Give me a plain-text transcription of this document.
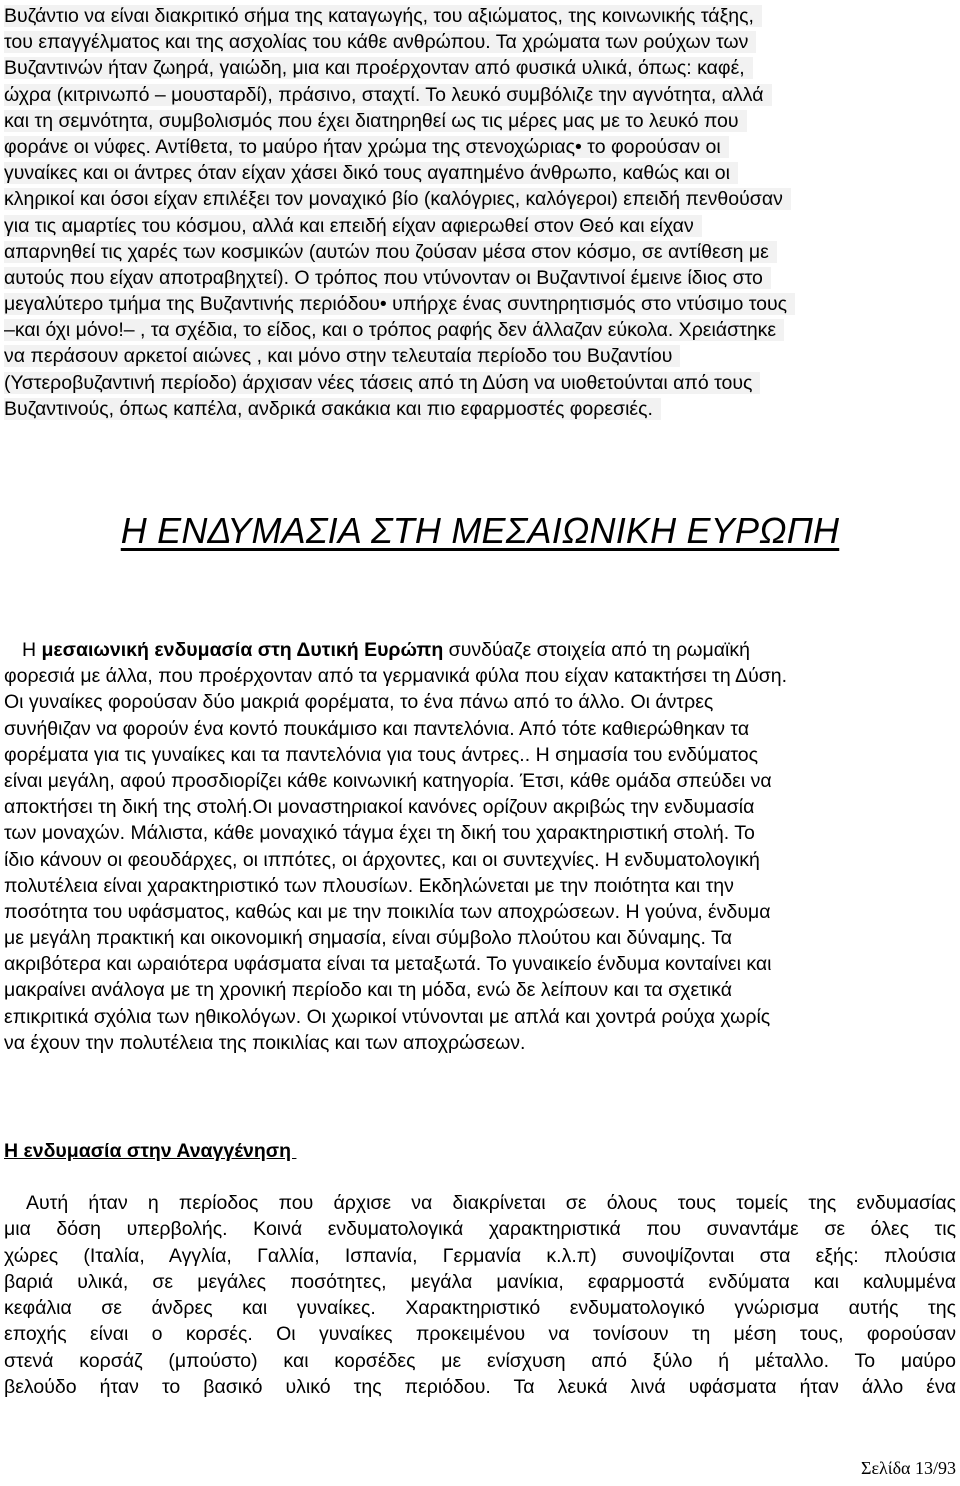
Βυζάντιο να είναι διακριτικό σήμα της καταγωγής, του αξιώματος, της κοινωνικής τάξης,
του επαγγέλματος και της ασχολίας του κάθε ανθρώπου. Τα χρώματα των ρούχων των
Βυζαντινών ήταν ζωηρά, γαιώδη, μια και προέρχονταν από φυσικά υλικά, όπως: καφέ,
ώχρα (κιτρινωπό – μουσταρδί), πράσινο, σταχτί. Το λευκό συμβόλιζε την αγνότητα, αλλά
και τη σεμνότητα, συμβολισμός που έχει διατηρηθεί ως τις μέρες μας με το λευκό που
φοράνε οι νύφες. Αντίθετα, το μαύρο ήταν χρώμα της στενοχώριας• το φορούσαν οι
γυναίκες και οι άντρες όταν είχαν χάσει δικό τους αγαπημένο άνθρωπο, καθώς και οι
κληρικοί και όσοι είχαν επιλέξει τον μοναχικό βίο (καλόγριες, καλόγεροι) επειδή πενθούσαν
για τις αμαρτίες του κόσμου, αλλά και επειδή είχαν αφιερωθεί στον Θεό και είχαν
απαρνηθεί τις χαρές των κοσμικών (αυτών που ζούσαν μέσα στον κόσμο, σε αντίθεση με
αυτούς που είχαν αποτραβηχτεί). Ο τρόπος που ντύνονταν οι Βυζαντινοί έμεινε ίδιος στο
μεγαλύτερο τμήμα της Βυζαντινής περιόδου• υπήρχε ένας συντηρητισμός στο ντύσιμο τους
–και όχι μόνο!– , τα σχέδια, το είδος, και ο τρόπος ραφής δεν άλλαζαν εύκολα. Χρειάστηκε
να περάσουν αρκετοί αιώνες , και μόνο στην τελευταία περίοδο του Βυζαντίου
(Υστεροβυζαντινή περίοδο) άρχισαν νέες τάσεις από τη Δύση να υιοθετούνται από τους
Βυζαντινούς, όπως καπέλα, ανδρικά σακάκια και πιο εφαρμοστές φορεσιές.
Η ΕΝΔΥΜΑΣΙΑ ΣΤΗ ΜΕΣΑΙΩΝΙΚΗ ΕΥΡΩΠΗ
Η μεσαιωνική ενδυμασία στη Δυτική Ευρώπη συνδύαζε στοιχεία από τη ρωμαϊκή
φορεσιά με άλλα, που προέρχονταν από τα γερμανικά φύλα που είχαν κατακτήσει τη Δύση.
Οι γυναίκες φορούσαν δύο μακριά φορέματα, το ένα πάνω από το άλλο. Οι άντρες
συνήθιζαν να φορούν ένα κοντό πουκάμισο και παντελόνια. Από τότε καθιερώθηκαν τα
φορέματα για τις γυναίκες και τα παντελόνια για τους άντρες.. Η σημασία του ενδύματος
είναι μεγάλη, αφού προσδιορίζει κάθε κοινωνική κατηγορία. Έτσι, κάθε ομάδα σπεύδει να
αποκτήσει τη δική της στολή.Οι μοναστηριακοί κανόνες ορίζουν ακριβώς την ενδυμασία
των μοναχών. Μάλιστα, κάθε μοναχικό τάγμα έχει τη δική του χαρακτηριστική στολή. Το
ίδιο κάνουν οι φεουδάρχες, οι ιππότες, οι άρχοντες, και οι συντεχνίες. Η ενδυματολογική
πολυτέλεια είναι χαρακτηριστικό των πλουσίων. Εκδηλώνεται με την ποιότητα και την
ποσότητα του υφάσματος, καθώς και με την ποικιλία των αποχρώσεων. Η γούνα, ένδυμα
με μεγάλη πρακτική και οικονομική σημασία, είναι σύμβολο πλούτου και δύναμης. Τα
ακριβότερα και ωραιότερα υφάσματα είναι τα μεταξωτά. Το γυναικείο ένδυμα κονταίνει και
μακραίνει ανάλογα με τη χρονική περίοδο και τη μόδα, ενώ δε λείπουν και τα σχετικά
επικριτικά σχόλια των ηθικολόγων. Οι χωρικοί ντύνονται με απλά και χοντρά ρούχα χωρίς
να έχουν την πολυτέλεια της ποικιλίας και των αποχρώσεων.
Η ενδυμασία στην Αναγγένηση
Αυτή ήταν η περίοδος που άρχισε να διακρίνεται σε όλους τους τομείς της ενδυμασίας
μια δόση υπερβολής. Κοινά ενδυματολογικά χαρακτηριστικά που συναντάμε σε όλες τις
χώρες (Ιταλία, Αγγλία, Γαλλία, Ισπανία, Γερμανία κ.λ.π) συνοψίζονται στα εξής: πλούσια
βαριά υλικά, σε μεγάλες ποσότητες, μεγάλα μανίκια, εφαρμοστά ενδύματα και καλυμμένα
κεφάλια σε άνδρες και γυναίκες. Χαρακτηριστικό ενδυματολογικό γνώρισμα αυτής της
εποχής είναι ο κορσές. Οι γυναίκες προκειμένου να τονίσουν τη μέση τους, φορούσαν
στενά κορσάζ (μπούστο) και κορσέδες με ενίσχυση από ξύλο ή μέταλλο. Το μαύρο
βελούδο ήταν το βασικό υλικό της περιόδου. Τα λευκά λινά υφάσματα ήταν άλλο ένα
Σελίδα 13/93
